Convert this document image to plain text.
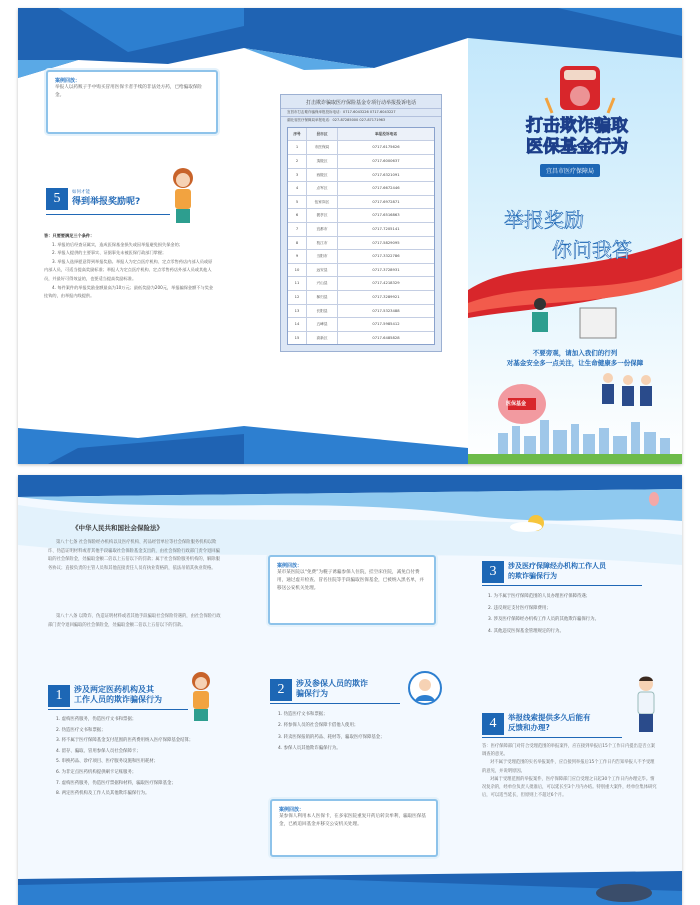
案例回放：
举报人以药贩子手中购买冒用医保卡者手续的非法处方药，已给骗取保险金。
5	如何才能
得到举报奖励呢?
答：只要要满足三个条件：
1. 举报的后经查证属实，造成医保基金损失或因举报避免损失保金的；
2. 举报人提供的主要事实、证据事先未被医保行政部门掌握；
3. 举报人选择愿意得到举报奖励。举报人为定点医疗机构、定点零售药店内部人员或原内部人员，可适当提高奖励标准；举报人为定点医疗机构、定点零售药店外部人员或其他人员，并最好可得效益的，也要适当提高奖励标准。
4. 每件案件的举报奖励金额最高为10万元；最低奖励为200元，举报骗保金额不与奖金挂钩的，由举报内线提供。
打击欺诈骗取医疗保险基金专项行动举报投诉电话
宜昌市打击欺诈骗保举报投诉电话：0717-6043226 0717-6043227
湖北省医疗保障局举报电话：027-87285000 027-87171963
序号	县市区	举报投诉电话
1	市医保局	0717-6175626
2	夷陵区	0717-6000637
3	西陵区	0717-6321091
4	点军区	0717-6672446
5	伍家岗区	0717-6972871
6	猇亭区	0717-6516863
7	宜都市	0717-7205141
8	枝江市	0717-5829095
9	当阳市	0717-3322786
10	远安县	0717-3728931
11	兴山县	0717-4218329
12	秭归县	0717-3289921
13	长阳县	0717-5323488
14	五峰县	0717-5985412
15	高新区	0717-6485828
打击欺诈骗取
医保基金行为
宜昌市医疗保障局
举报奖励
你问我答
不要旁观，请加入我们的行列
对基金安全多一点关注，让生命健康多一份保障
医保基金
《中华人民共和国社会保险法》
第八十七条 社会保险经办机构以及医疗机构、药品经营单位等社会保险服务机构以欺诈、伪造证明材料或者其他手段骗取社会保险基金支出的，由社会保险行政部门责令退回骗取的社会保险金，处骗取金额二倍以上五倍以下的罚款；属于社会保险服务机构的，解除服务协议；直接负责的主管人员和其他直接责任人员有执业资格的，依法吊销其执业资格。
第八十八条 以欺诈、伪造证明材料或者其他手段骗取社会保险待遇的，由社会保险行政部门责令退回骗取的社会保险金，处骗取金额二倍以上五倍以下的罚款。
1	涉及两定医药机构及其
工作人员的欺诈骗保行为
1. 虚构医药服务，伪造医疗文书和票据；
2. 伪造医疗文书和票据；
3. 将不属于医疗保障基金支付范围的医药费用纳入医疗保障基金结算；
4. 留存、骗取、冒用参保人员社会保障卡；
5. 串换药品、诊疗项目、医疗服务设施和医用耗材；
6. 为非定点医药机构提供刷卡记账服务；
7. 虚构医药服务，伪造医疗票据和材料，骗取医疗保障基金；
8. 两定医药机构及工作人员其他欺诈骗保行为。
案例回放：
某市某医院以“免费”为幌子诱骗参保人住院，挂空床住院，减免自付费用，通过虚开检查、冒名住院等手段骗取医保基金，已被纳入黑名单，并移送公安机关处理。
2	涉及参保人员的欺诈
骗保行为
1. 伪造医疗文书和票据；
2. 将参保人员的社会保障卡借他人使用；
3. 转卖医保报销的药品、耗材等，骗取医疗保障基金；
4. 参保人员其他欺诈骗保行为。
案例回放：
某参保人利用本人医保卡，在多家医院重复开药后转卖牟利，骗取医保基金，已被追回基金并移交公安机关处理。
3	涉及医疗保障经办机构工作人员
的欺诈骗保行为
1. 为不属于医疗保障范围的人员办理医疗保障待遇；
2. 违反规定支付医疗保障费用；
3. 涉及医疗保障经办机构工作人员的其他欺诈骗保行为。
4. 其他违反医保基金管理规定的行为。
4	举报线索提供多久后能有
反馈和办理?
答：医疗保障部门对符合受理范围的举报案件，应在接到举报后15个工作日内提出是否立案调查的意见。
对不属于受理范围的实名举报案件，应自接到举报后15个工作日内告知举报人不予受理的意见，并说明原因。
对属于受理范围的举报案件，医疗保障部门应自受理之日起30个工作日内办理完毕。情况复杂的，经单位负责人批准后，可以延长至3个月内办结。特别重大案件，经单位集体研究后，可以适当延长，但原则上不超过6个月。
